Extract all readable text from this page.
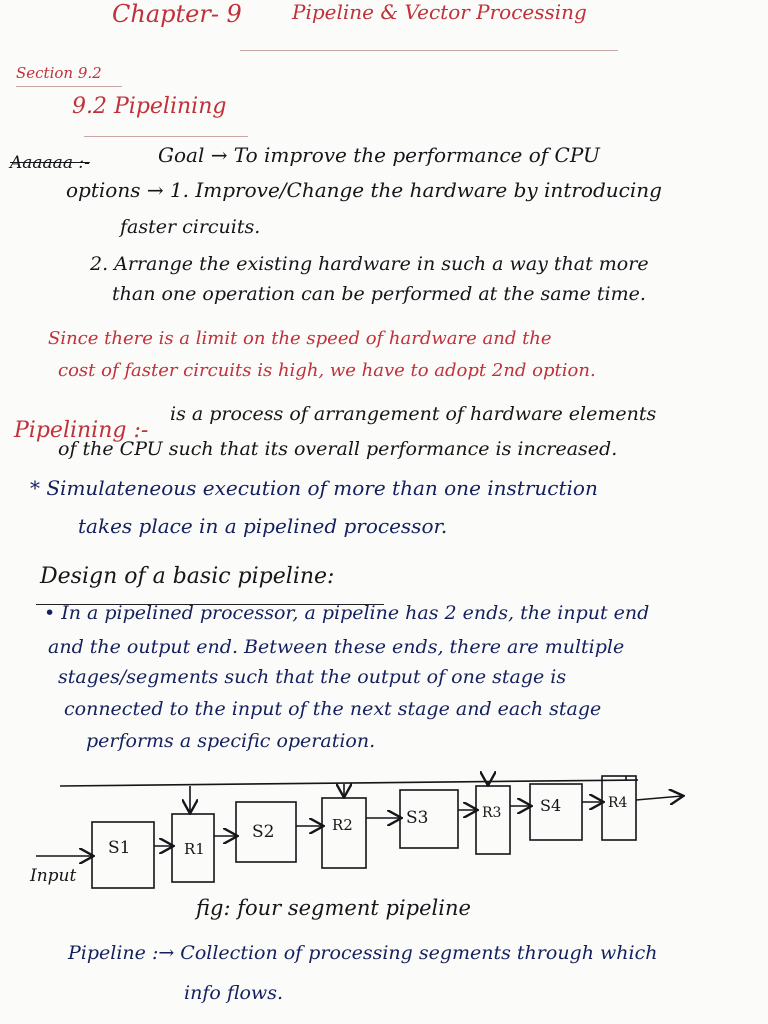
Chapter- 9	Pipeline & Vector Processing
Section 9.2
9.2 Pipelining
Aaaaaa :-	Goal → To improve the performance of CPU
options → 1. Improve/Change the hardware by introducing
faster circuits.
2. Arrange the existing hardware in such a way that more
than one operation can be performed at the same time.
Since there is a limit on the speed of hardware and the
cost of faster circuits is high, we have to adopt 2nd option.
Pipelining :-
is a process of arrangement of hardware elements
of the CPU such that its overall performance is increased.
* Simulateneous execution of more than one instruction
takes place in a pipelined processor.
Design of a basic pipeline:
• In a pipelined processor, a pipeline has 2 ends, the input end
and the output end. Between these ends, there are multiple
stages/segments such that the output of one stage is
connected to the input of the next stage and each stage
performs a specific operation.
Input
S1	R1
S2	R2	S3	R3 S4	R4
fig: four segment pipeline
Pipeline :→ Collection of processing segments through which
info flows.
